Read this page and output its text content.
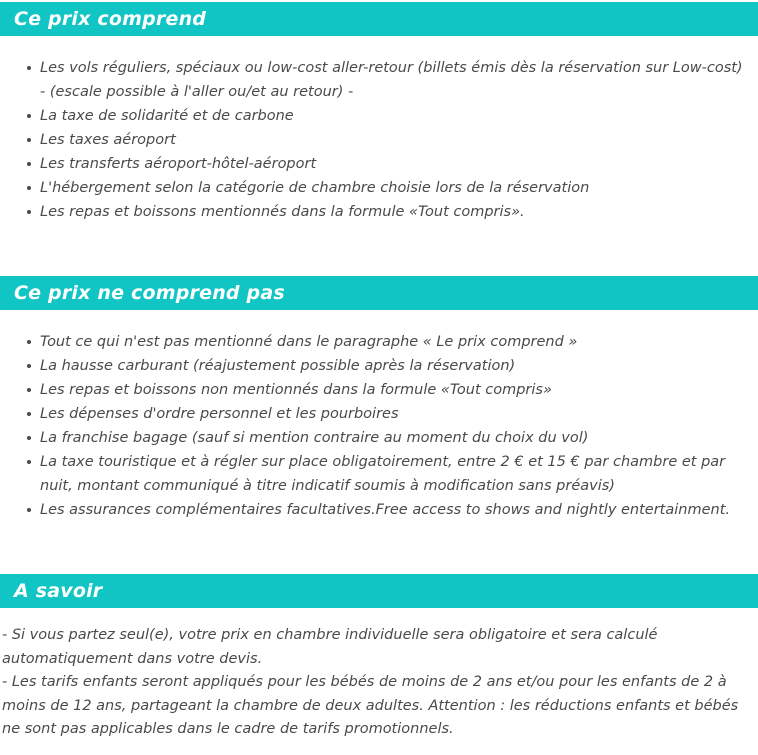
Ce prix comprend
Les vols réguliers, spéciaux ou low-cost aller-retour (billets émis dès la réservation sur Low-cost) - (escale possible à l'aller ou/et au retour) -
La taxe de solidarité et de carbone
Les taxes aéroport
Les transferts aéroport-hôtel-aéroport
L'hébergement selon la catégorie de chambre choisie lors de la réservation
Les repas et boissons mentionnés dans la formule «Tout compris».
Ce prix ne comprend pas
Tout ce qui n'est pas mentionné dans le paragraphe « Le prix comprend »
La hausse carburant (réajustement possible après la réservation)
Les repas et boissons non mentionnés dans la formule «Tout compris»
Les dépenses d'ordre personnel et les pourboires
La franchise bagage (sauf si mention contraire au moment du choix du vol)
La taxe touristique et à régler sur place obligatoirement, entre 2 € et 15 € par chambre et par nuit, montant communiqué à titre indicatif soumis à modification sans préavis)
Les assurances complémentaires facultatives.Free access to shows and nightly entertainment.
A savoir
- Si vous partez seul(e), votre prix en chambre individuelle sera obligatoire et sera calculé automatiquement dans votre devis.
- Les tarifs enfants seront appliqués pour les bébés de moins de 2 ans et/ou pour les enfants de 2 à moins de 12 ans, partageant la chambre de deux adultes. Attention : les réductions enfants et bébés ne sont pas applicables dans le cadre de tarifs promotionnels.
